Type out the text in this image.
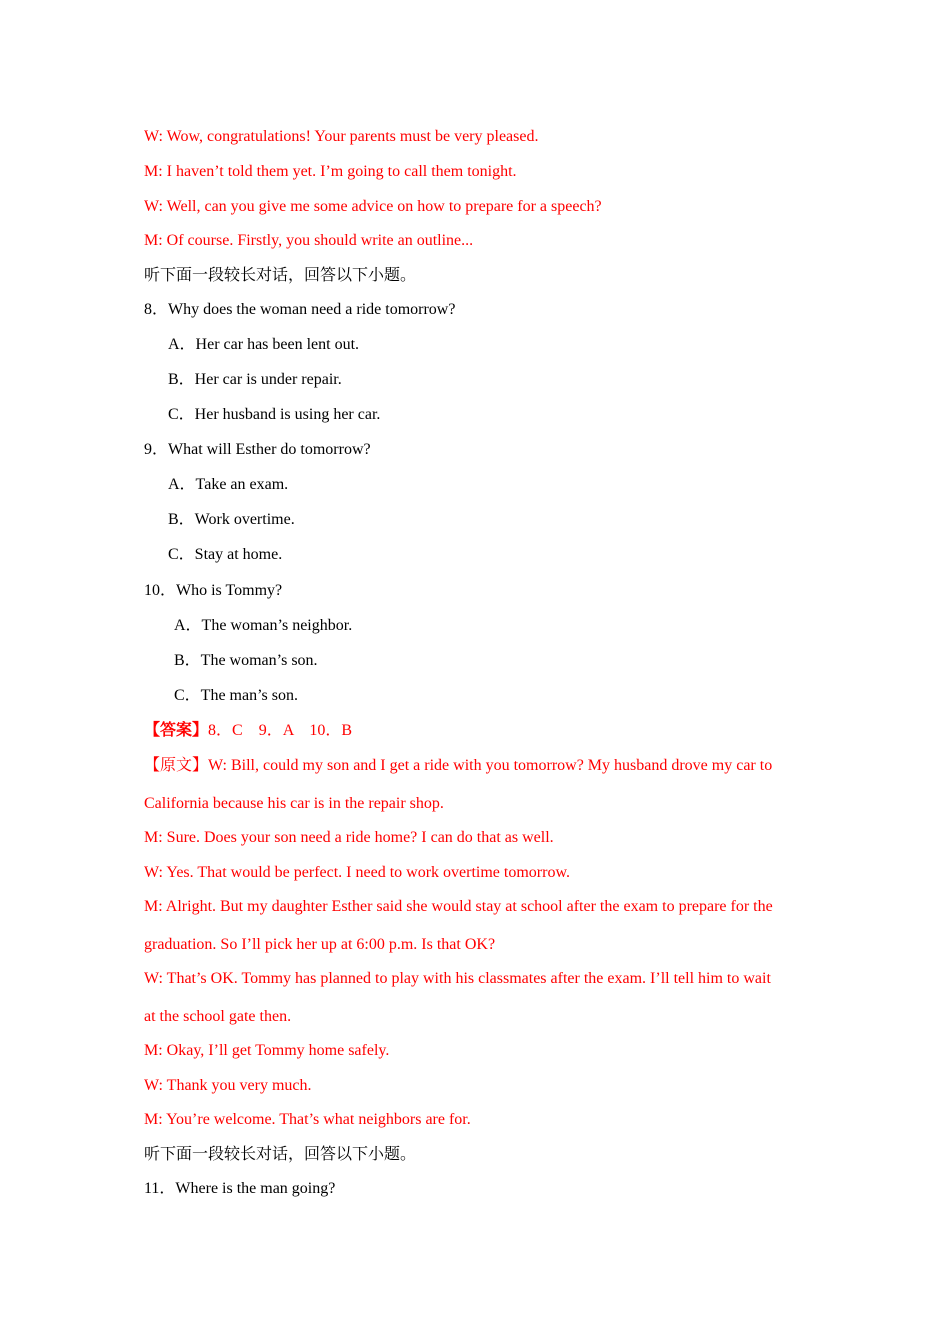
W: Wow, congratulations! Your parents must be very pleased.
M: I haven’t told them yet. I’m going to call them tonight.
W: Well, can you give me some advice on how to prepare for a speech?
M: Of course. Firstly, you should write an outline...
听下面一段较长对话，回答以下小题。
8．Why does the woman need a ride tomorrow?
A．Her car has been lent out.
B．Her car is under repair.
C．Her husband is using her car.
9．What will Esther do tomorrow?
A．Take an exam.
B．Work overtime.
C．Stay at home.
10．Who is Tommy?
A．The woman’s neighbor.
B．The woman’s son.
C．The man’s son.
【答案】8．C　9．A　10．B
【原文】W: Bill, could my son and I get a ride with you tomorrow? My husband drove my car to
California because his car is in the repair shop.
M: Sure. Does your son need a ride home? I can do that as well.
W: Yes. That would be perfect. I need to work overtime tomorrow.
M: Alright. But my daughter Esther said she would stay at school after the exam to prepare for the
graduation. So I’ll pick her up at 6:00 p.m. Is that OK?
W: That’s OK. Tommy has planned to play with his classmates after the exam. I’ll tell him to wait
at the school gate then.
M: Okay, I’ll get Tommy home safely.
W: Thank you very much.
M: You’re welcome. That’s what neighbors are for.
听下面一段较长对话，回答以下小题。
11．Where is the man going?
